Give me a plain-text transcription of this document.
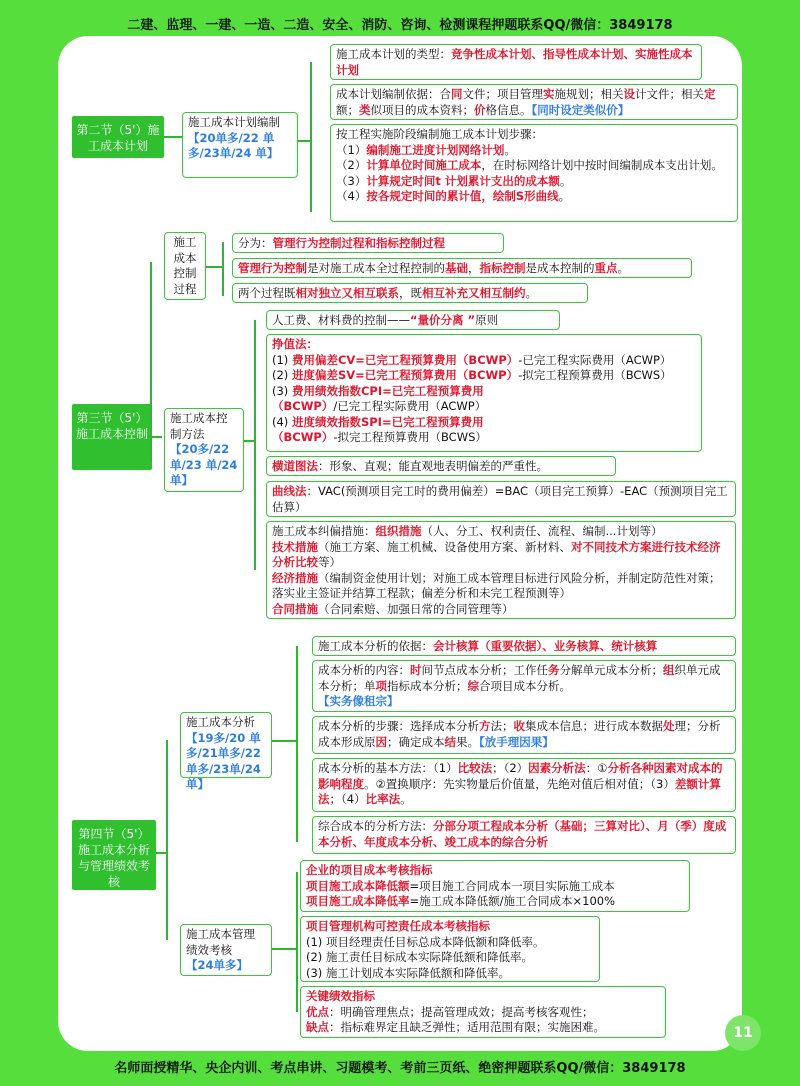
二建、监理、一建、一造、二造、安全、消防、咨询、检测课程押题联系QQ/微信：3849178
第二节（5'）施工成本计划
施工成本计划编制
【20单多/22 单多/23单/24 单】
施工成本计划的类型：竞争性成本计划、指导性成本计划、实施性成本计划
成本计划编制依据：合同文件；项目管理实施规划；相关设计文件；相关定额；类似项目的成本资料；价格信息。【同时设定类似价】
按工程实施阶段编制施工成本计划步骤：
（1）编制施工进度计划网络计划。
（2）计算单位时间施工成本，在时标网络计划中按时间编制成本支出计划。
（3）计算规定时间t 计划累计支出的成本额。
（4）按各规定时间的累计值，绘制S形曲线。
第三节（5'）施工成本控制
施工成本控制过程
分为：管理行为控制过程和指标控制过程
管理行为控制是对施工成本全过程控制的基础，指标控制是成本控制的重点。
两个过程既相对独立又相互联系，既相互补充又相互制约。
施工成本控制方法
【20多/22单/23 单/24单】
人工费、材料费的控制——“量价分离 ”原则
挣值法：
(1) 费用偏差CV=已完工程预算费用（BCWP）-已完工程实际费用（ACWP）
(2) 进度偏差SV=已完工程预算费用（BCWP）-拟完工程预算费用（BCWS）
(3) 费用绩效指数CPI=已完工程预算费用（BCWP）/已完工程实际费用（ACWP）
(4) 进度绩效指数SPI=已完工程预算费用（BCWP）-拟完工程预算费用（BCWS）
横道图法：形象、直观；能直观地表明偏差的严重性。
曲线法：VAC(预测项目完工时的费用偏差）=BAC（项目完工预算）-EAC（预测项目完工估算）
施工成本纠偏措施：组织措施（人、分工、权利责任、流程、编制...计划等）
技术措施（施工方案、施工机械、设备使用方案、新材料、对不同技术方案进行技术经济分析比较等）
经济措施（编制资金使用计划；对施工成本管理目标进行风险分析，并制定防范性对策；落实业主签证并结算工程款；偏差分析和未完工程预测等）
合同措施（合同索赔、加强日常的合同管理等）
第四节（5'）施工成本分析与管理绩效考核
施工成本分析
【19多/20 单多/21单多/22 单多/23单/24 单】
施工成本分析的依据：会计核算（重要依据）、业务核算、统计核算
成本分析的内容：时间节点成本分析；工作任务分解单元成本分析；组织单元成本分析；单项指标成本分析；综合项目成本分析。
【实务像租宗】
成本分析的步骤：选择成本分析方法；收集成本信息；进行成本数据处理；分析成本形成原因；确定成本结果。【放手理因果】
成本分析的基本方法：（1）比较法；（2）因素分析法：①分析各种因素对成本的影响程度。②置换顺序：先实物量后价值量，先绝对值后相对值；（3）差额计算法；（4）比率法。
综合成本的分析方法：分部分项工程成本分析（基础；三算对比）、月（季）度成本分析、年度成本分析、竣工成本的综合分析
施工成本管理绩效考核
【24单多】
企业的项目成本考核指标
项目施工成本降低额=项目施工合同成本一项目实际施工成本
项目施工成本降低率=施工成本降低额/施工合同成本×100%
项目管理机构可控责任成本考核指标
(1) 项目经理责任目标总成本降低额和降低率。
(2) 施工责任目标成本实际降低额和降低率。
(3) 施工计划成本实际降低额和降低率。
关键绩效指标
优点：明确管理焦点；提高管理成效；提高考核客观性；
缺点：指标难界定且缺乏弹性；适用范围有限；实施困难。	11
名师面授精华、央企内训、考点串讲、习题模考、考前三页纸、绝密押题联系QQ/微信：3849178
